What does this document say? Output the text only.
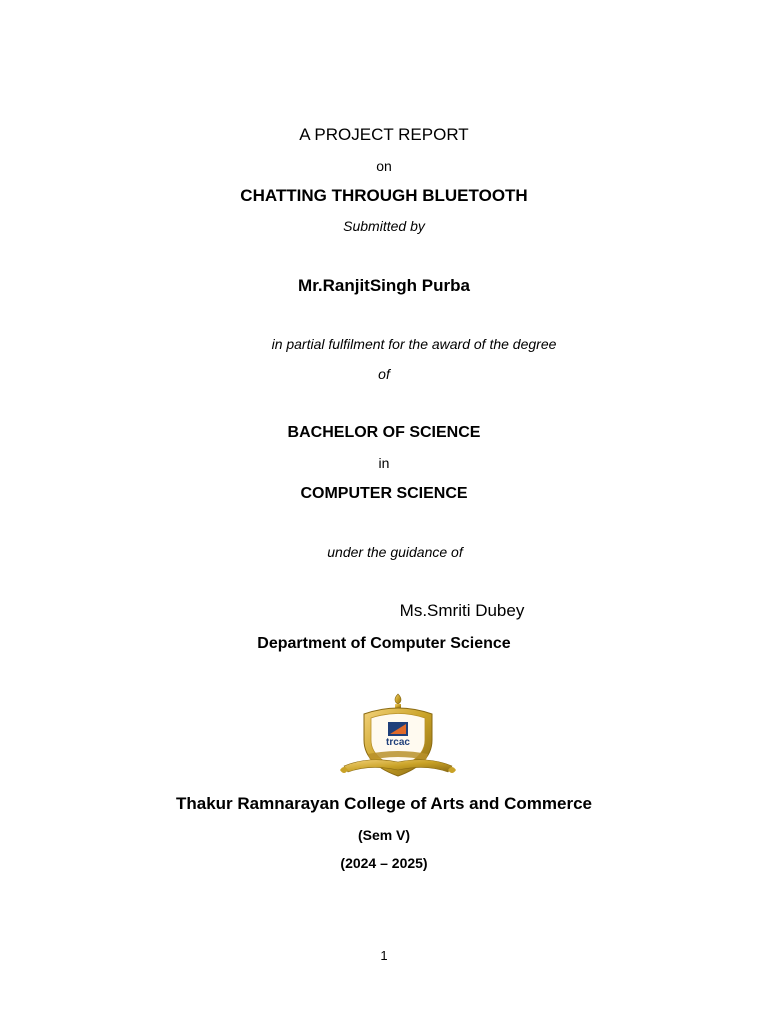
A PROJECT REPORT
on
CHATTING THROUGH BLUETOOTH
Submitted by
Mr.RanjitSingh Purba
in partial fulfilment for the award of the degree
of
BACHELOR OF SCIENCE
in
COMPUTER SCIENCE
under the guidance of
Ms.Smriti Dubey
Department of Computer Science
trcac
Thakur Ramnarayan College of Arts and Commerce
(Sem V)
(2024 – 2025)
1
